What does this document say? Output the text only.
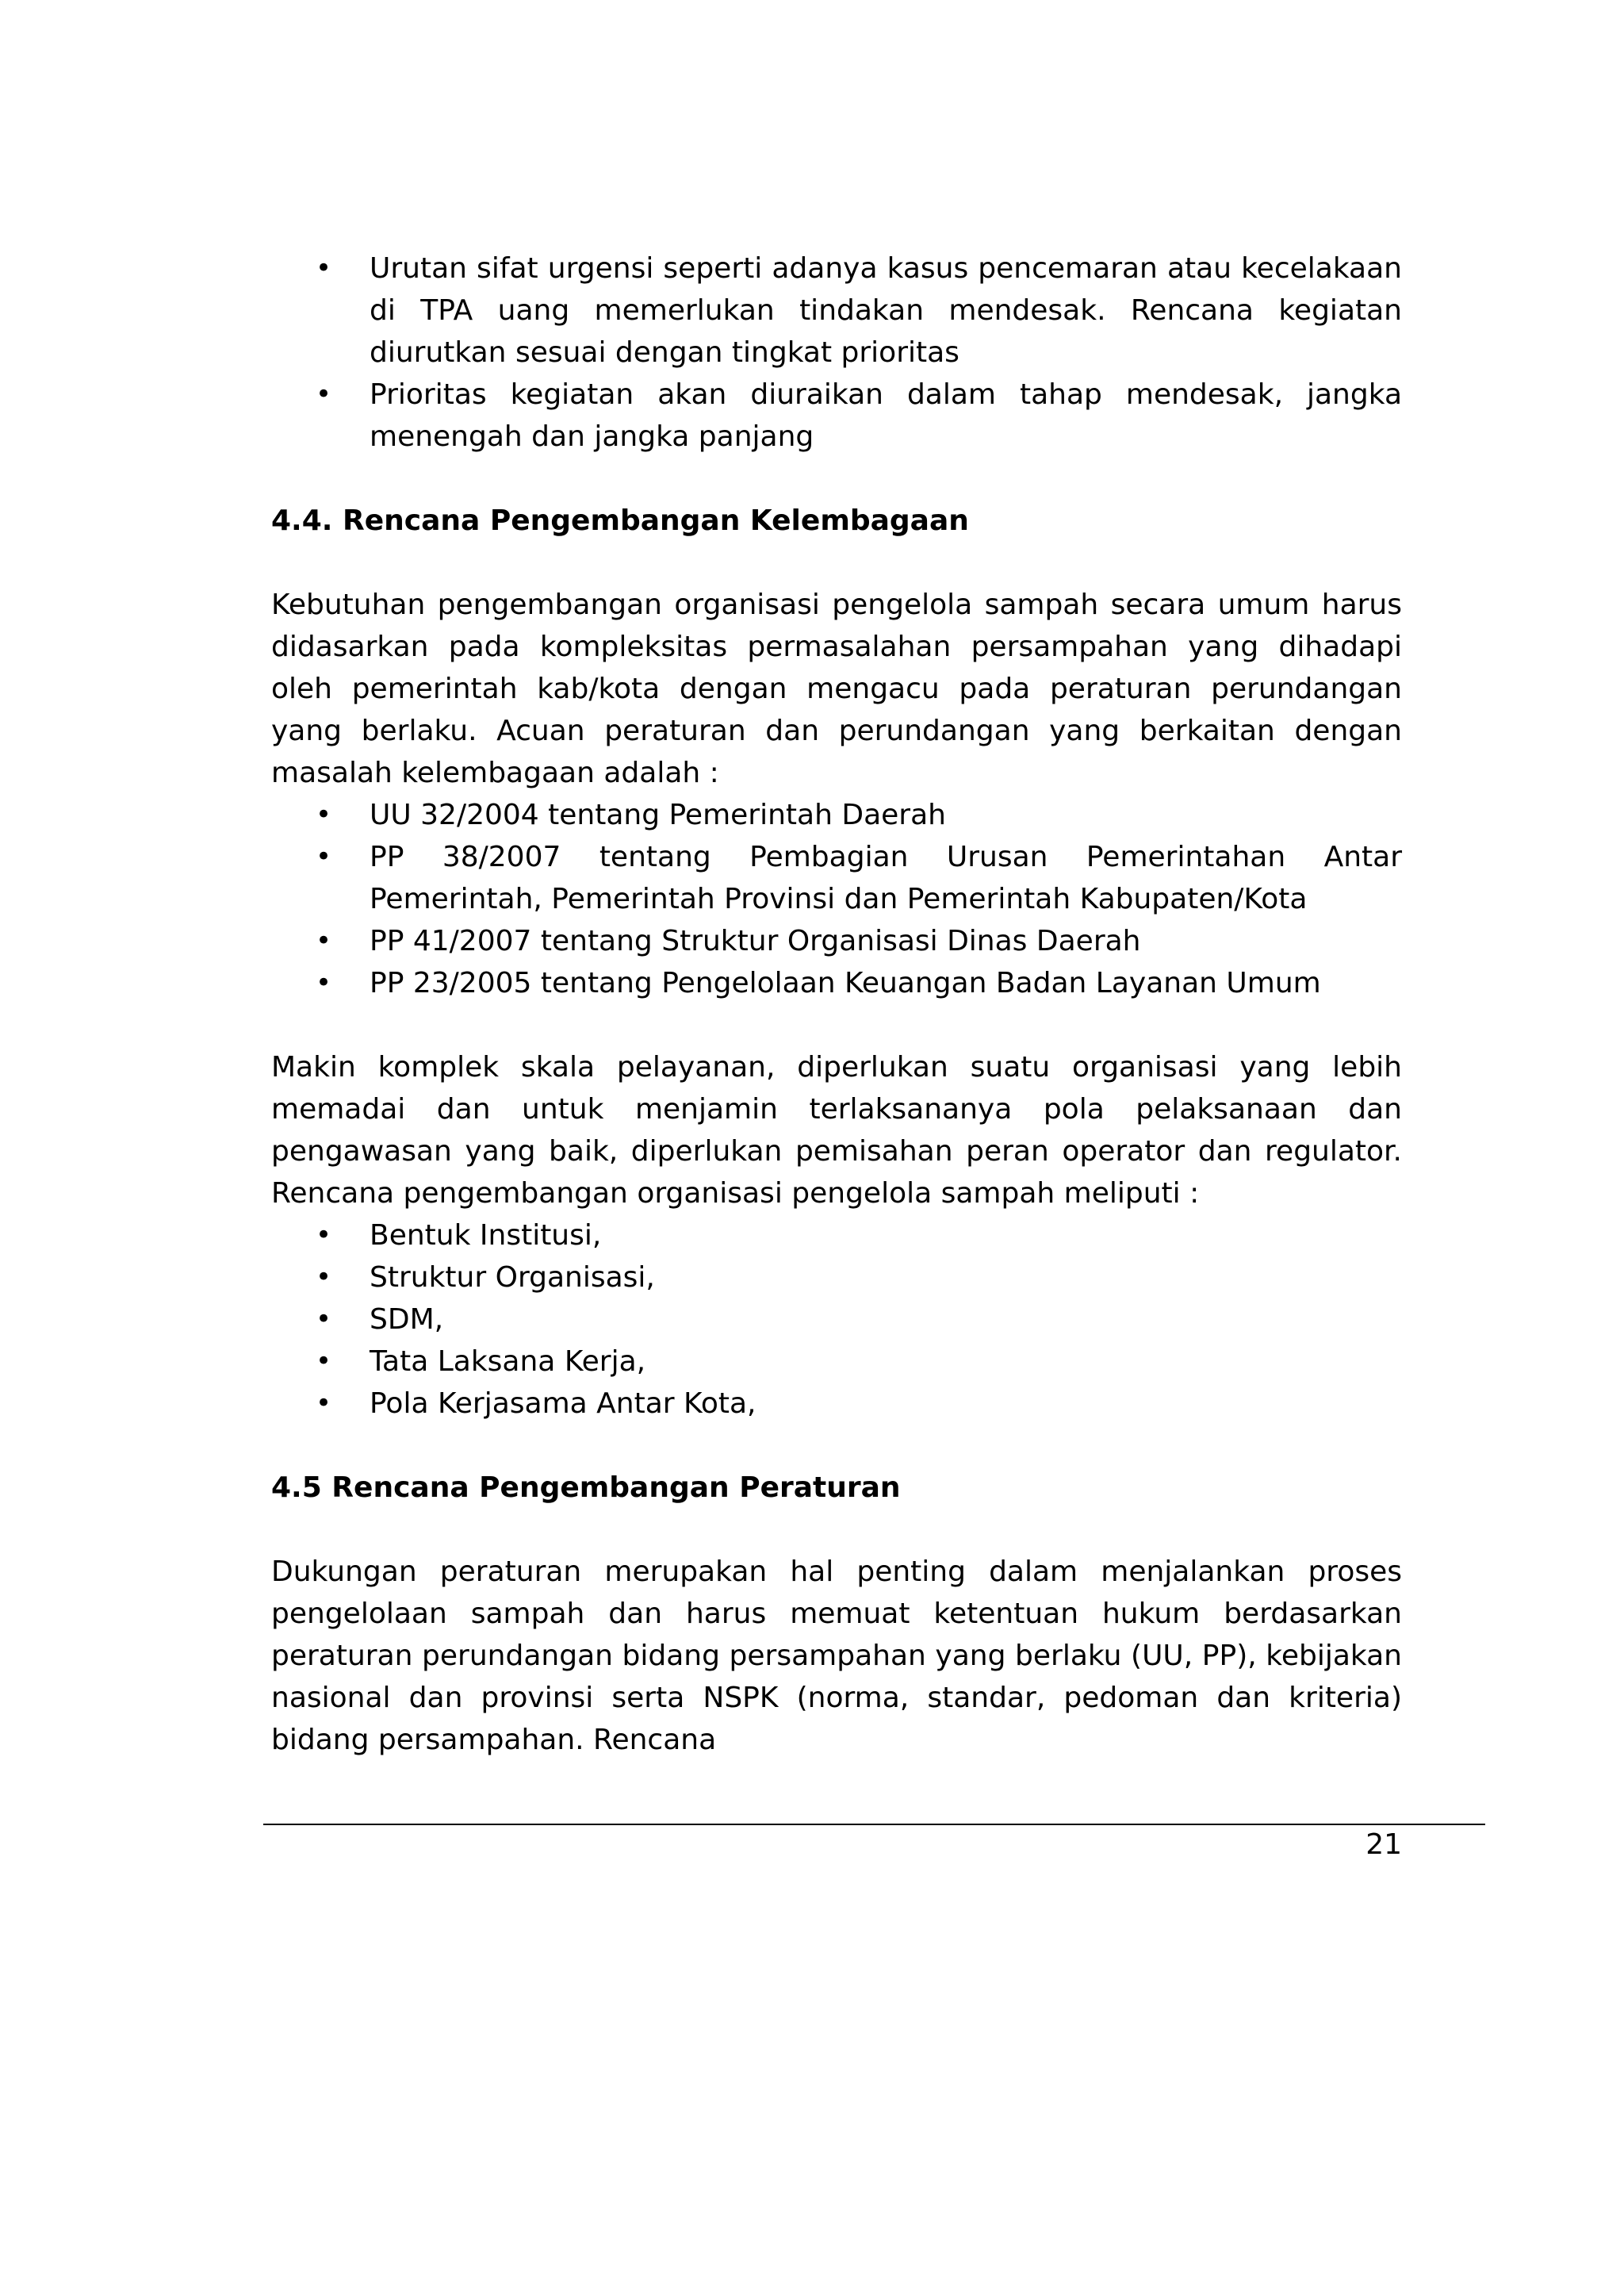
• Urutan sifat urgensi seperti adanya kasus pencemaran atau kecelakaan di TPA uang memerlukan tindakan mendesak. Rencana kegiatan diurutkan sesuai dengan tingkat prioritas
• Prioritas kegiatan akan diuraikan dalam tahap mendesak, jangka menengah dan jangka panjang
4.4. Rencana Pengembangan Kelembagaan

Kebutuhan pengembangan organisasi pengelola sampah secara umum harus didasarkan pada kompleksitas permasalahan persampahan yang dihadapi oleh pemerintah kab/kota dengan mengacu pada peraturan perundangan yang berlaku. Acuan peraturan dan perundangan yang berkaitan dengan masalah kelembagaan adalah :

• UU 32/2004 tentang Pemerintah Daerah
• PP 38/2007 tentang Pembagian Urusan Pemerintahan Antar Pemerintah, Pemerintah Provinsi dan Pemerintah Kabupaten/Kota
• PP 41/2007 tentang Struktur Organisasi Dinas Daerah
• PP 23/2005 tentang Pengelolaan Keuangan Badan Layanan Umum

Makin komplek skala pelayanan, diperlukan suatu organisasi yang lebih memadai dan untuk menjamin terlaksananya pola pelaksanaan dan pengawasan yang baik, diperlukan pemisahan peran operator dan regulator. Rencana pengembangan organisasi pengelola sampah meliputi :

• Bentuk Institusi,
• Struktur Organisasi,
• SDM,
• Tata Laksana Kerja,
• Pola Kerjasama Antar Kota,
4.5 Rencana Pengembangan Peraturan

Dukungan peraturan merupakan hal penting dalam menjalankan proses pengelolaan sampah dan harus memuat ketentuan hukum berdasarkan peraturan perundangan bidang persampahan yang berlaku (UU, PP), kebijakan nasional dan provinsi serta NSPK (norma, standar, pedoman dan kriteria) bidang persampahan. Rencana

21
